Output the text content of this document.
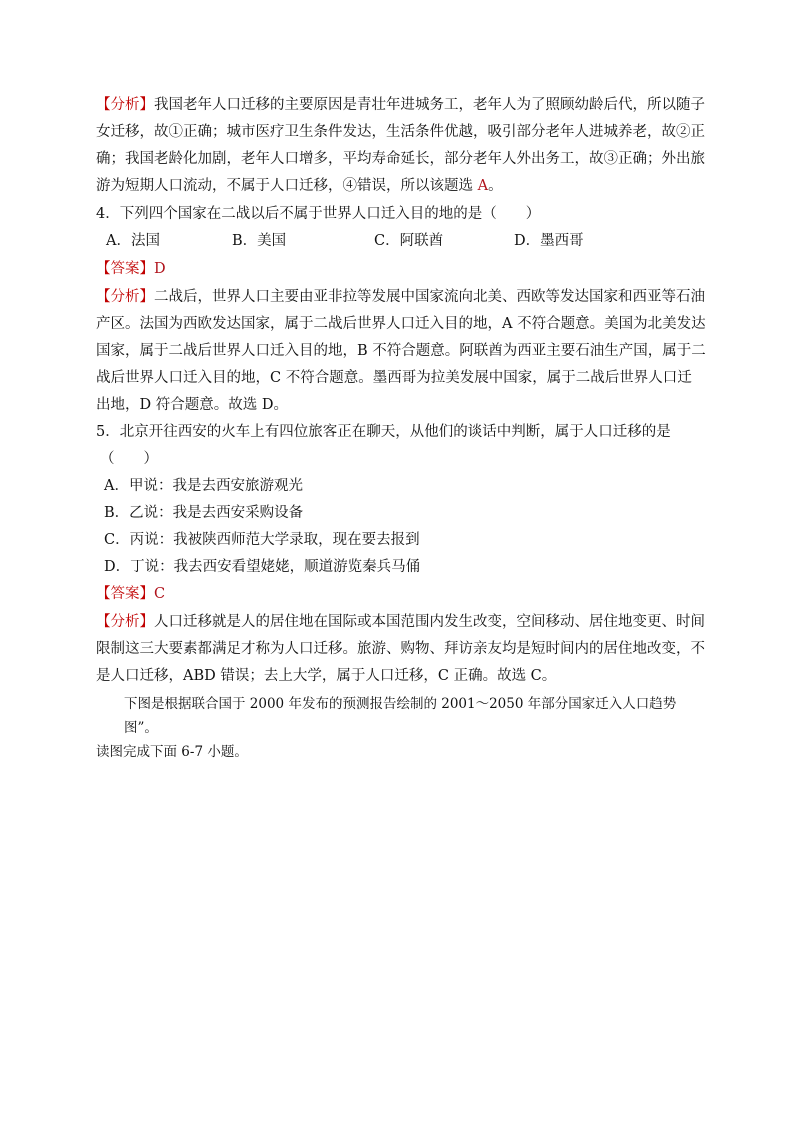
【分析】我国老年人口迁移的主要原因是青壮年进城务工，老年人为了照顾幼龄后代，所以随子女迁移，故①正确；城市医疗卫生条件发达，生活条件优越，吸引部分老年人进城养老，故②正确；我国老龄化加剧，老年人口增多，平均寿命延长，部分老年人外出务工，故③正确；外出旅游为短期人口流动，不属于人口迁移，④错误，所以该题选 A。
4．下列四个国家在二战以后不属于世界人口迁入目的地的是（　　）
A．法国	B．美国	C．阿联酋	D．墨西哥
【答案】D
【分析】二战后，世界人口主要由亚非拉等发展中国家流向北美、西欧等发达国家和西亚等石油产区。法国为西欧发达国家，属于二战后世界人口迁入目的地，A 不符合题意。美国为北美发达国家，属于二战后世界人口迁入目的地，B 不符合题意。阿联酋为西亚主要石油生产国，属于二战后世界人口迁入目的地，C 不符合题意。墨西哥为拉美发展中国家，属于二战后世界人口迁出地，D 符合题意。故选 D。
5．北京开往西安的火车上有四位旅客正在聊天，从他们的谈话中判断，属于人口迁移的是
（　　）
A．甲说：我是去西安旅游观光
B．乙说：我是去西安采购设备
C．丙说：我被陕西师范大学录取，现在要去报到
D．丁说：我去西安看望姥姥，顺道游览秦兵马俑
【答案】C
【分析】人口迁移就是人的居住地在国际或本国范围内发生改变，空间移动、居住地变更、时间限制这三大要素都满足才称为人口迁移。旅游、购物、拜访亲友均是短时间内的居住地改变，不是人口迁移，ABD 错误；去上大学，属于人口迁移，C 正确。故选 C。
下图是根据联合国于 2000 年发布的预测报告绘制的 2001～2050 年部分国家迁入人口趋势图”。
读图完成下面 6-7 小题。
